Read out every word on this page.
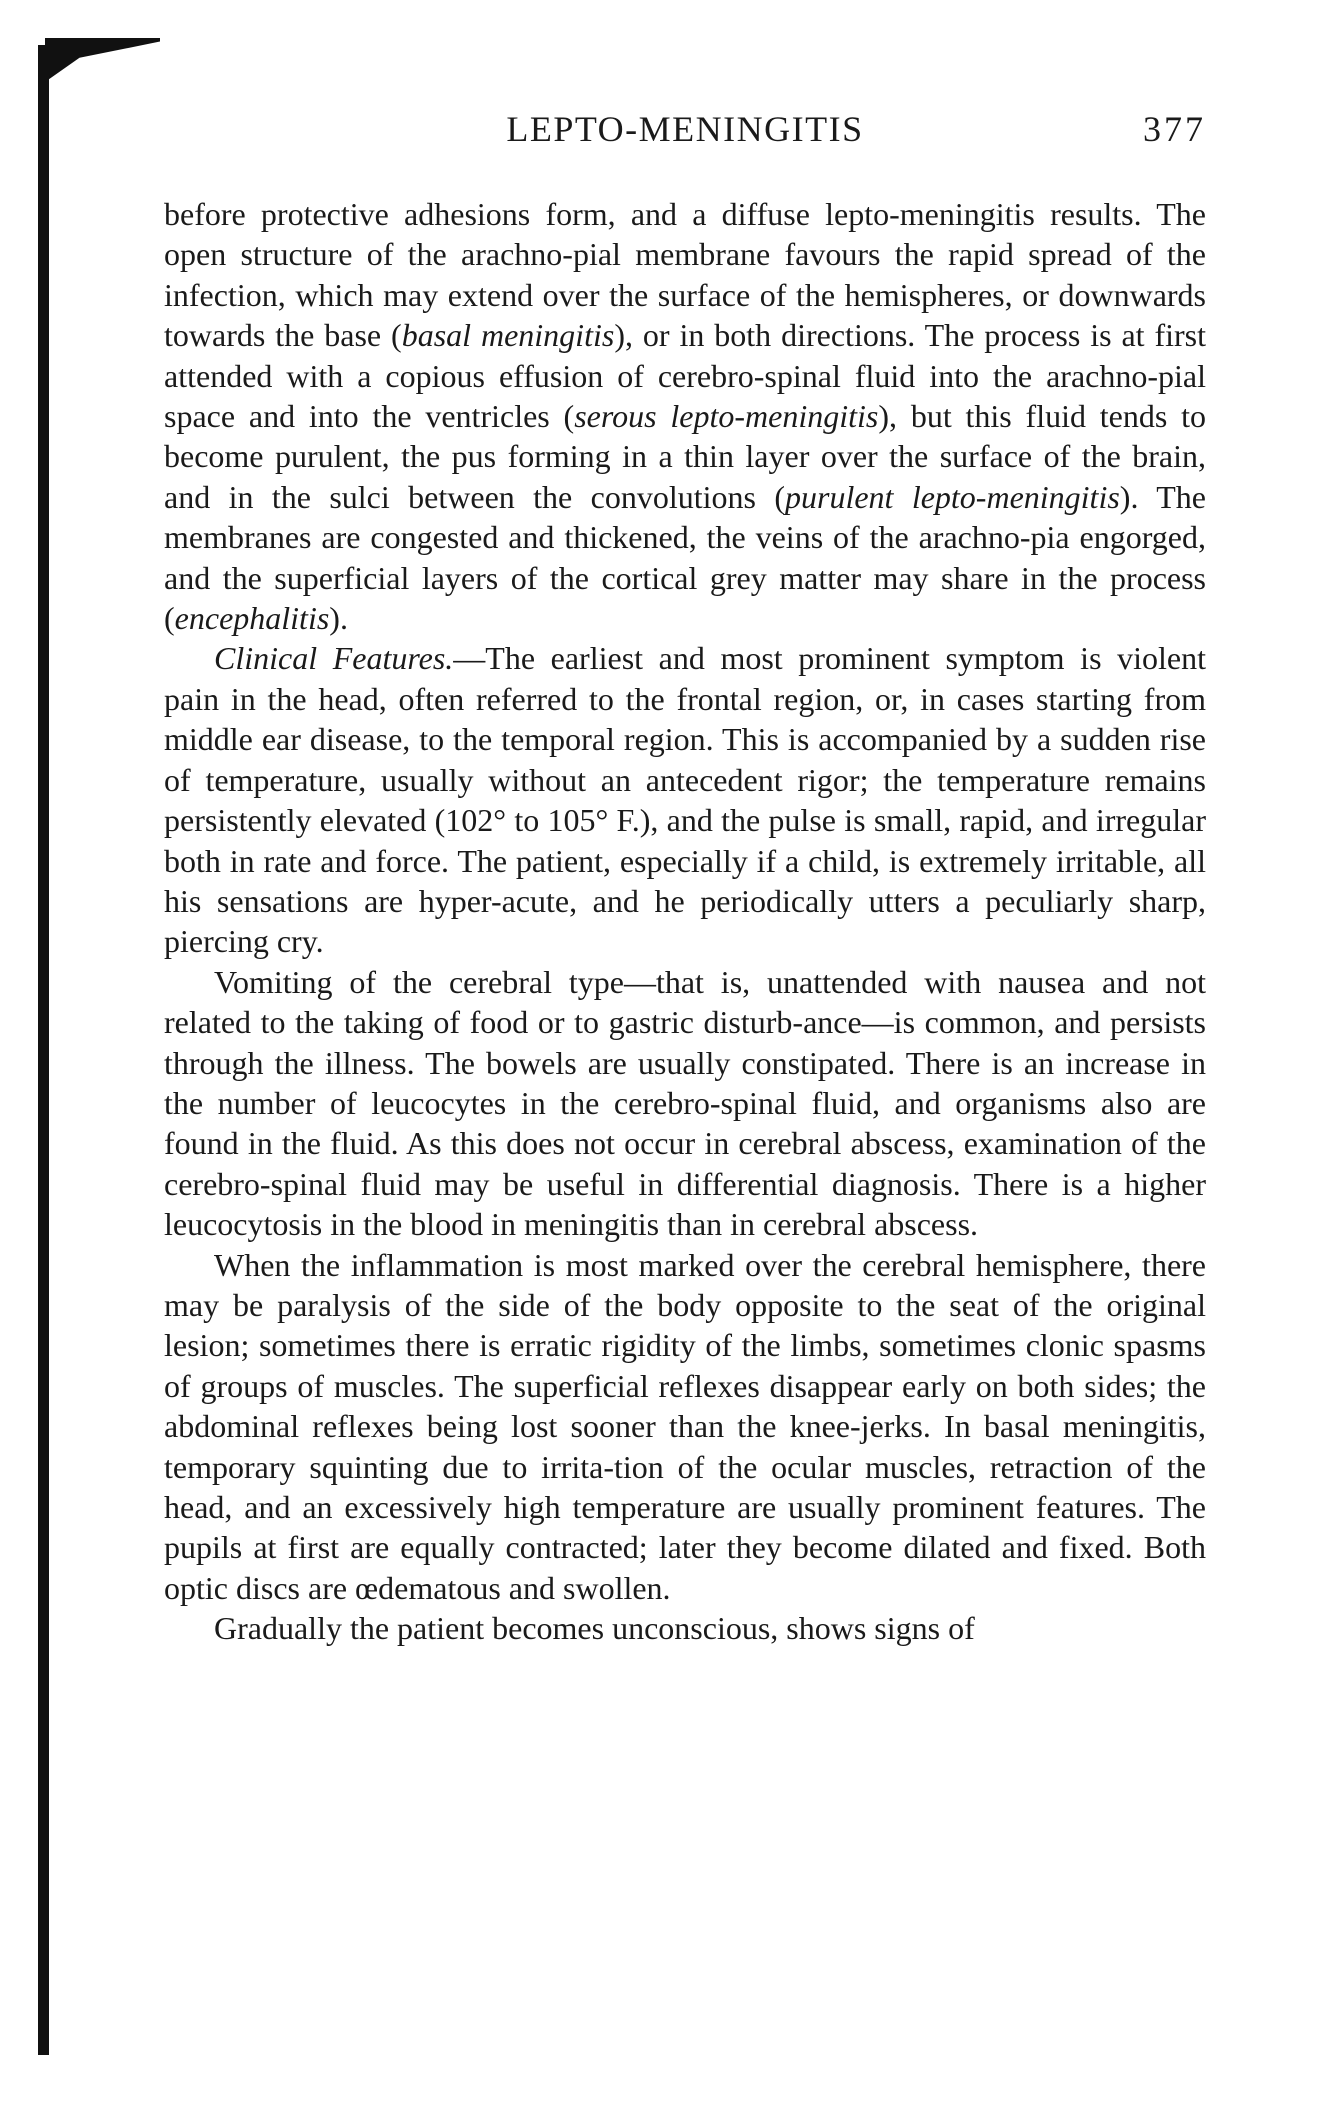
LEPTO-MENINGITIS	377

before protective adhesions form, and a diffuse lepto-meningitis results. The open structure of the arachno-pial membrane favours the rapid spread of the infection, which may extend over the surface of the hemispheres, or downwards towards the base (basal meningitis), or in both directions. The process is at first attended with a copious effusion of cerebro-spinal fluid into the arachno-pial space and into the ventricles (serous lepto-meningitis), but this fluid tends to become purulent, the pus forming in a thin layer over the surface of the brain, and in the sulci between the convolutions (purulent lepto-meningitis). The membranes are congested and thickened, the veins of the arachno-pia engorged, and the superficial layers of the cortical grey matter may share in the process (encephalitis).

Clinical Features.—The earliest and most prominent symptom is violent pain in the head, often referred to the frontal region, or, in cases starting from middle ear disease, to the temporal region. This is accompanied by a sudden rise of temperature, usually without an antecedent rigor; the temperature remains persistently elevated (102° to 105° F.), and the pulse is small, rapid, and irregular both in rate and force. The patient, especially if a child, is extremely irritable, all his sensations are hyper-acute, and he periodically utters a peculiarly sharp, piercing cry.

Vomiting of the cerebral type—that is, unattended with nausea and not related to the taking of food or to gastric disturb-ance—is common, and persists through the illness. The bowels are usually constipated. There is an increase in the number of leucocytes in the cerebro-spinal fluid, and organisms also are found in the fluid. As this does not occur in cerebral abscess, examination of the cerebro-spinal fluid may be useful in differential diagnosis. There is a higher leucocytosis in the blood in meningitis than in cerebral abscess.

When the inflammation is most marked over the cerebral hemisphere, there may be paralysis of the side of the body opposite to the seat of the original lesion; sometimes there is erratic rigidity of the limbs, sometimes clonic spasms of groups of muscles. The superficial reflexes disappear early on both sides; the abdominal reflexes being lost sooner than the knee-jerks. In basal meningitis, temporary squinting due to irrita-tion of the ocular muscles, retraction of the head, and an excessively high temperature are usually prominent features. The pupils at first are equally contracted; later they become dilated and fixed. Both optic discs are œdematous and swollen.

Gradually the patient becomes unconscious, shows signs of
